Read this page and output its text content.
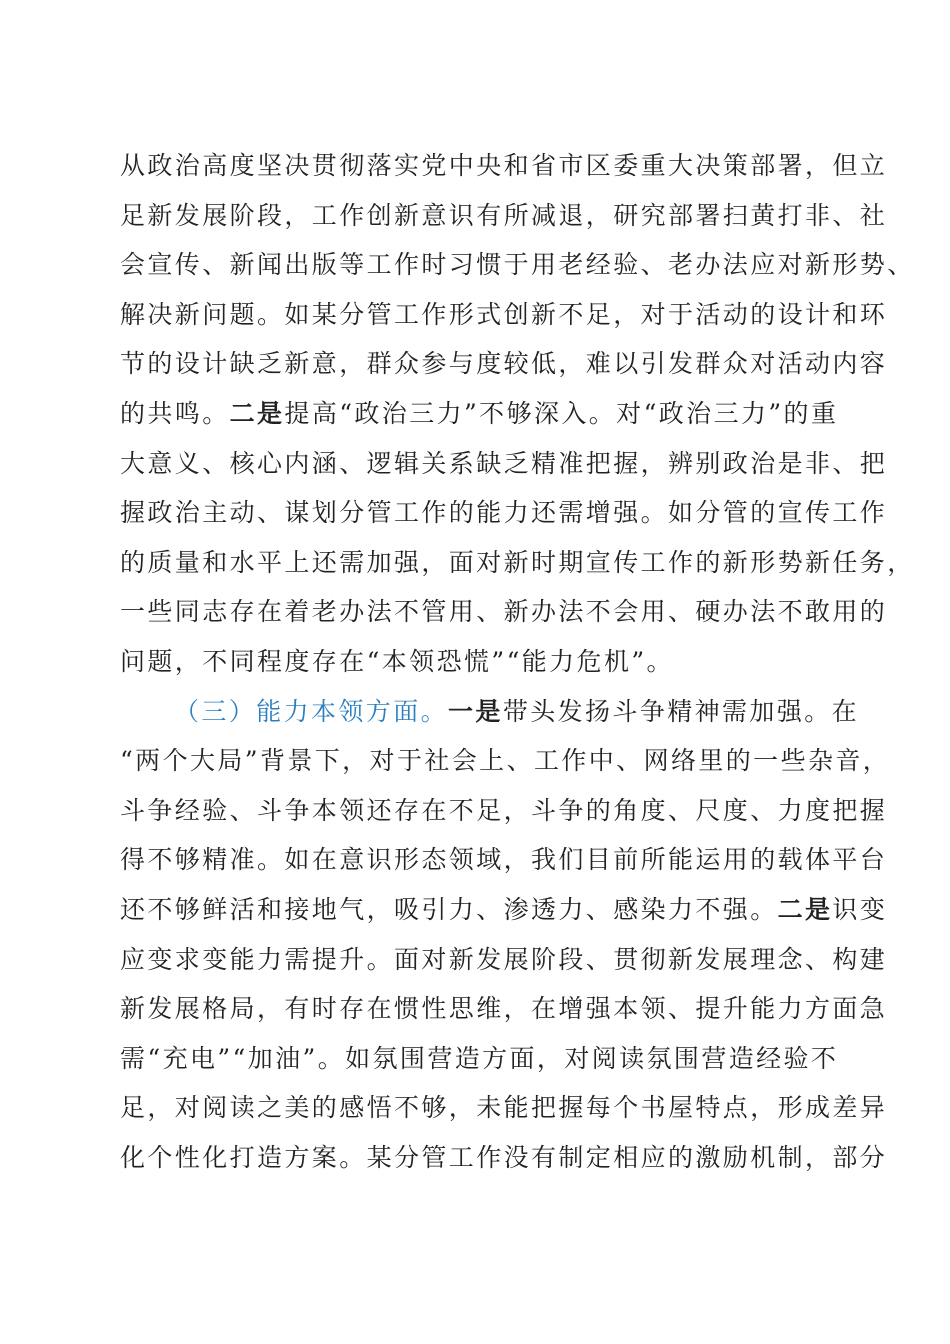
从政治高度坚决贯彻落实党中央和省市区委重大决策部署，但立
足新发展阶段，工作创新意识有所减退，研究部署扫黄打非、社
会宣传、新闻出版等工作时习惯于用老经验、老办法应对新形势、
解决新问题。如某分管工作形式创新不足，对于活动的设计和环
节的设计缺乏新意，群众参与度较低，难以引发群众对活动内容
的共鸣。二是提高“政治三力”不够深入。对“政治三力”的重
大意义、核心内涵、逻辑关系缺乏精准把握，辨别政治是非、把
握政治主动、谋划分管工作的能力还需增强。如分管的宣传工作
的质量和水平上还需加强，面对新时期宣传工作的新形势新任务，
一些同志存在着老办法不管用、新办法不会用、硬办法不敢用的
问题，不同程度存在“本领恐慌”“能力危机”。
（三）能力本领方面。一是带头发扬斗争精神需加强。在
“两个大局”背景下，对于社会上、工作中、网络里的一些杂音，
斗争经验、斗争本领还存在不足，斗争的角度、尺度、力度把握
得不够精准。如在意识形态领域，我们目前所能运用的载体平台
还不够鲜活和接地气，吸引力、渗透力、感染力不强。二是识变
应变求变能力需提升。面对新发展阶段、贯彻新发展理念、构建
新发展格局，有时存在惯性思维，在增强本领、提升能力方面急
需“充电”“加油”。如氛围营造方面，对阅读氛围营造经验不
足，对阅读之美的感悟不够，未能把握每个书屋特点，形成差异
化个性化打造方案。某分管工作没有制定相应的激励机制，部分
